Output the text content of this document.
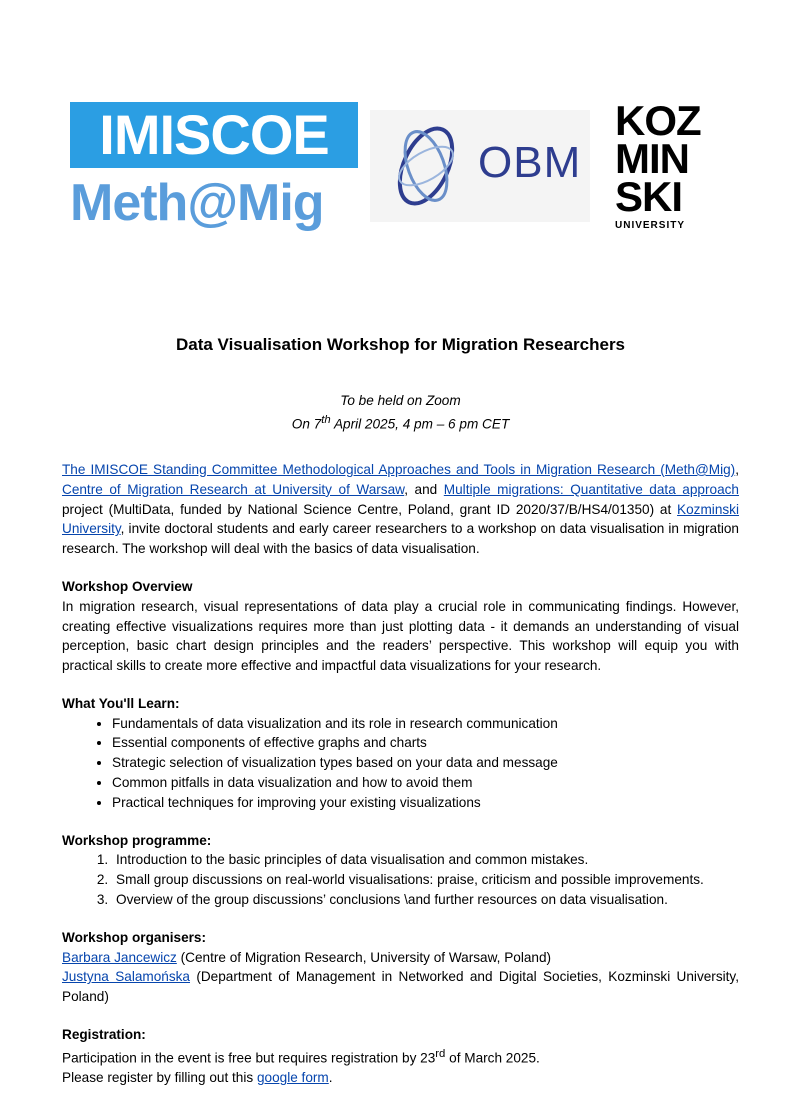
IMISCOE
Meth@Mig
OBM
KOZ
MIN
SKI
UNIVERSITY
Data Visualisation Workshop for Migration Researchers

To be held on Zoom

On 7th April 2025, 4 pm – 6 pm CET

The IMISCOE Standing Committee Methodological Approaches and Tools in Migration Research (Meth@Mig), Centre of Migration Research at University of Warsaw, and Multiple migrations: Quantitative data approach project (MultiData, funded by National Science Centre, Poland, grant ID 2020/37/B/HS4/01350) at Kozminski University, invite doctoral students and early career researchers to a workshop on data visualisation in migration research. The workshop will deal with the basics of data visualisation.

Workshop Overview

In migration research, visual representations of data play a crucial role in communicating findings. However, creating effective visualizations requires more than just plotting data - it demands an understanding of visual perception, basic chart design principles and the readers’ perspective. This workshop will equip you with practical skills to create more effective and impactful data visualizations for your research.

What You'll Learn:
• Fundamentals of data visualization and its role in research communication
• Essential components of effective graphs and charts
• Strategic selection of visualization types based on your data and message
• Common pitfalls in data visualization and how to avoid them
• Practical techniques for improving your existing visualizations
Workshop programme:
1. Introduction to the basic principles of data visualisation and common mistakes.
2. Small group discussions on real-world visualisations: praise, criticism and possible improvements.
3. Overview of the group discussions’ conclusions \and further resources on data visualisation.
Workshop organisers:

Barbara Jancewicz (Centre of Migration Research, University of Warsaw, Poland)

Justyna Salamońska (Department of Management in Networked and Digital Societies, Kozminski University, Poland)

Registration:

Participation in the event is free but requires registration by 23rd of March 2025.

Please register by filling out this google form.
